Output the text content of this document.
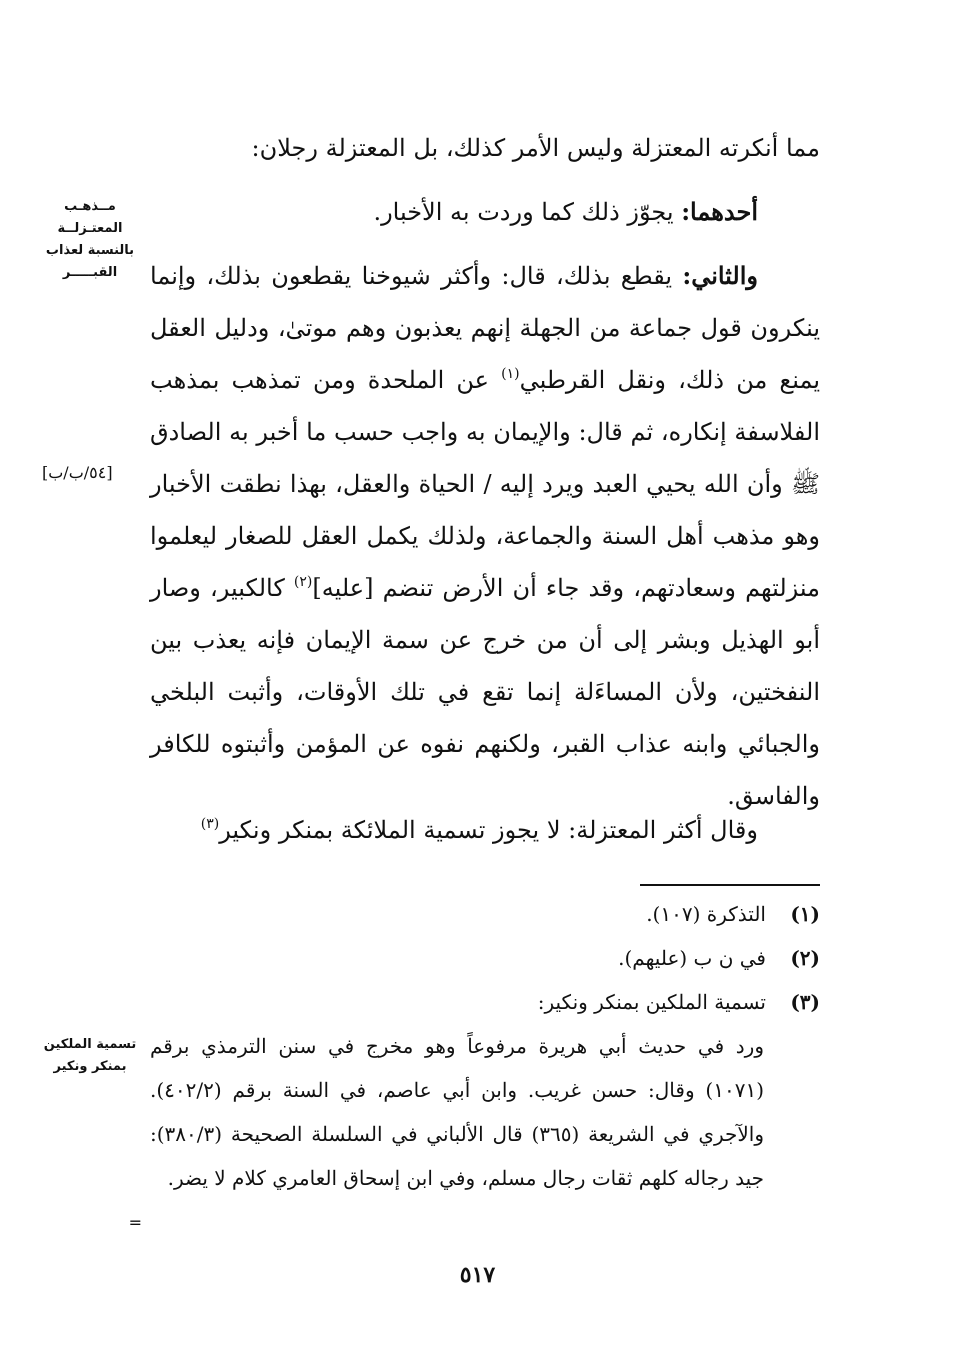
مما أنكرته المعتزلة وليس الأمر كذلك، بل المعتزلة رجلان:

أحدهما: يجوّز ذلك كما وردت به الأخبار.

والثاني: يقطع بذلك، قال: وأكثر شيوخنا يقطعون بذلك، وإنما ينكرون قول جماعة من الجهلة إنهم يعذبون وهم موتىٰ، ودليل العقل يمنع من ذلك، ونقل القرطبي$^{(١)}$ عن الملحدة ومن تمذهب بمذهب الفلاسفة إنكاره، ثم قال: والإيمان به واجب حسب ما أخبر به الصادق ﷺ وأن الله يحيي العبد ويرد إليه / الحياة والعقل، بهذا نطقت الأخبار وهو مذهب أهل السنة والجماعة، ولذلك يكمل العقل للصغار ليعلموا منزلتهم وسعادتهم، وقد جاء أن الأرض تنضم [عليه]$^{(٢)}$ كالكبير، وصار أبو الهذيل وبشر إلى أن من خرج عن سمة الإيمان فإنه يعذب بين النفختين، ولأن المساءَلة إنما تقع في تلك الأوقات، وأثبت البلخي والجبائي وابنه عذاب القبر، ولكنهم نفوه عن المؤمن وأثبتوه للكافر والفاسق.

وقال أكثر المعتزلة: لا يجوز تسمية الملائكة بمنكر ونكير$^{(٣)}$

مــذهـب المعتـزلــة بالنسبة لعذاب القبـــــر
[٥٤/ب/ب]
تسمية الملكين بمنكر ونكير
=
(١)
التذكرة (١٠٧).
(٢)
في ن ب (عليهم).
(٣)
تسمية الملكين بمنكر ونكير:

ورد في حديث أبي هريرة مرفوعاً وهو مخرج في سنن الترمذي برقم (١٠٧١) وقال: حسن غريب. وابن أبي عاصم، في السنة برقم (٤٠٢/٢). والآجري في الشريعة (٣٦٥) قال الألباني في السلسلة الصحيحة (٣٨٠/٣): جيد رجاله كلهم ثقات رجال مسلم، وفي ابن إسحاق العامري كلام لا يضر.

٥١٧
